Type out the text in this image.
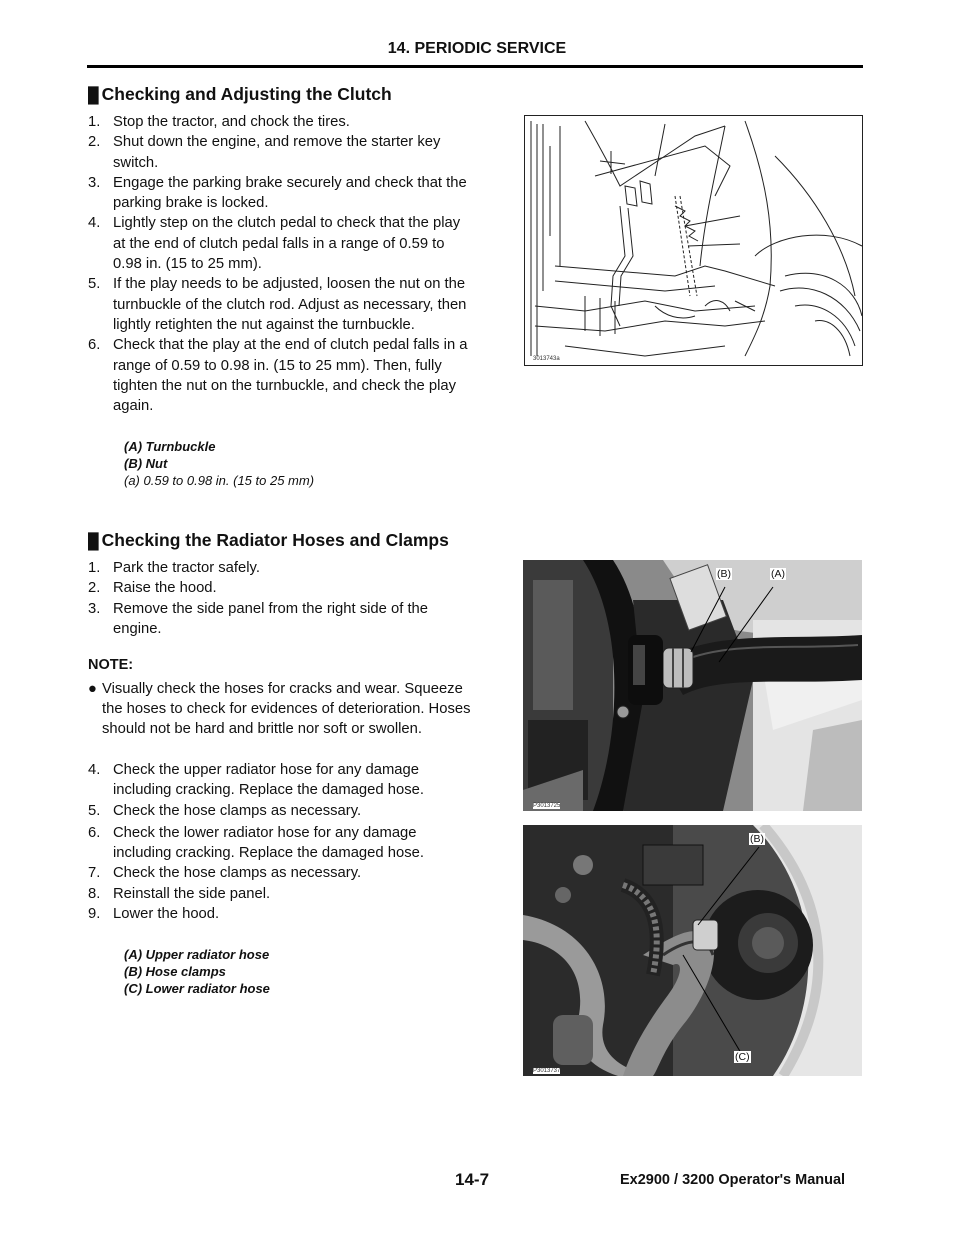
14. PERIODIC SERVICE
█ Checking and Adjusting the Clutch
1. Stop the tractor, and chock the tires.
2. Shut down the engine, and remove the starter key
switch.
3. Engage the parking brake securely and check that the
parking brake is locked.
4. Lightly step on the clutch pedal to check that the play
at the end of clutch pedal falls in a range of 0.59 to
0.98 in. (15 to 25 mm).
5. If the play needs to be adjusted, loosen the nut on the
turnbuckle of the clutch rod. Adjust as necessary, then
lightly retighten the nut against the turnbuckle.
6. Check that the play at the end of clutch pedal falls in a
range of 0.59 to 0.98 in. (15 to 25 mm). Then, fully
tighten the nut on the turnbuckle, and check the play
again.
(A) Turnbuckle
(B) Nut
(a) 0.59 to 0.98 in. (15 to 25 mm)
3013743a
█ Checking the Radiator Hoses and Clamps
1. Park the tractor safely.
2. Raise the hood.
3. Remove the side panel from the right side of the
engine.
NOTE:
● Visually check the hoses for cracks and wear. Squeeze
the hoses to check for evidences of deterioration. Hoses
should not be hard and brittle nor soft or swollen.
4. Check the upper radiator hose for any damage
including cracking. Replace the damaged hose.
5. Check the hose clamps as necessary.
6. Check the lower radiator hose for any damage
including cracking. Replace the damaged hose.
7. Check the hose clamps as necessary.
8. Reinstall the side panel.
9. Lower the hood.
(A) Upper radiator hose
(B) Hose clamps
(C) Lower radiator hose
(B)	(A)
P3013725
(B)
(C)
P3013737
14-7	Ex2900 / 3200 Operator's Manual
